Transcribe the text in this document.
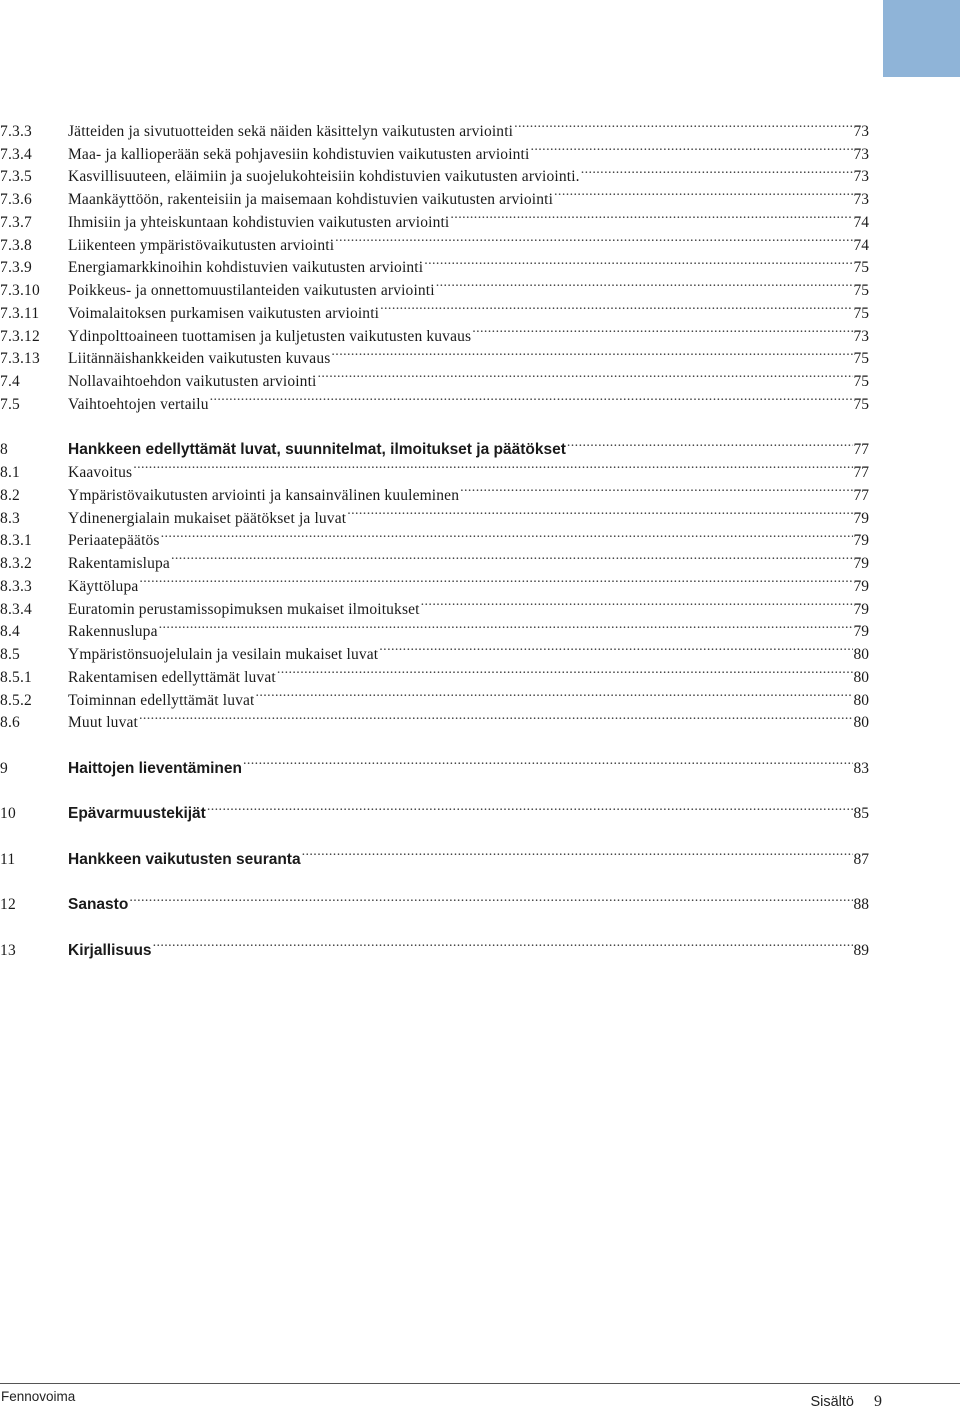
7.3.3	Jätteiden ja sivutuotteiden sekä näiden käsittelyn vaikutusten arviointi .....	73
7.3.4	Maa- ja kallioperään sekä pohjavesiin kohdistuvien vaikutusten arviointi .....	73
7.3.5	Kasvillisuuteen, eläimiin ja suojelukohteisiin kohdistuvien vaikutusten arviointi. .....	73
7.3.6	Maankäyttöön, rakenteisiin ja maisemaan kohdistuvien vaikutusten arviointi .....	73
7.3.7	Ihmisiin ja yhteiskuntaan kohdistuvien vaikutusten arviointi .....	74
7.3.8	Liikenteen ympäristövaikutusten arviointi .....	74
7.3.9	Energiamarkkinoihin kohdistuvien vaikutusten arviointi .....	75
7.3.10	Poikkeus- ja onnettomuustilanteiden vaikutusten arviointi .....	75
7.3.11	Voimalaitoksen purkamisen vaikutusten arviointi .....	75
7.3.12	Ydinpolttoaineen tuottamisen ja kuljetusten vaikutusten kuvaus .....	73
7.3.13	Liitännäishankkeiden vaikutusten kuvaus .....	75
7.4	Nollavaihtoehdon vaikutusten arviointi .....	75
7.5	Vaihtoehtojen vertailu .....	75
8	Hankkeen edellyttämät luvat, suunnitelmat, ilmoitukset ja päätökset .....	77
8.1	Kaavoitus .....	77
8.2	Ympäristövaikutusten arviointi ja kansainvälinen kuuleminen .....	77
8.3	Ydinenergialain mukaiset päätökset ja luvat .....	79
8.3.1	Periaatepäätös .....	79
8.3.2	Rakentamislupa .....	79
8.3.3	Käyttölupa .....	79
8.3.4	Euratomin perustamissopimuksen mukaiset ilmoitukset .....	79
8.4	Rakennuslupa .....	79
8.5	Ympäristönsuojelulain ja vesilain mukaiset luvat .....	80
8.5.1	Rakentamisen edellyttämät luvat .....	80
8.5.2	Toiminnan edellyttämät luvat .....	80
8.6	Muut luvat .....	80
9	Haittojen lieventäminen .....	83
10	Epävarmuustekijät .....	85
11	Hankkeen vaikutusten seuranta .....	87
12	Sanasto .....	88
13	Kirjallisuus .....	89
Fennovoima	Sisältö 9
